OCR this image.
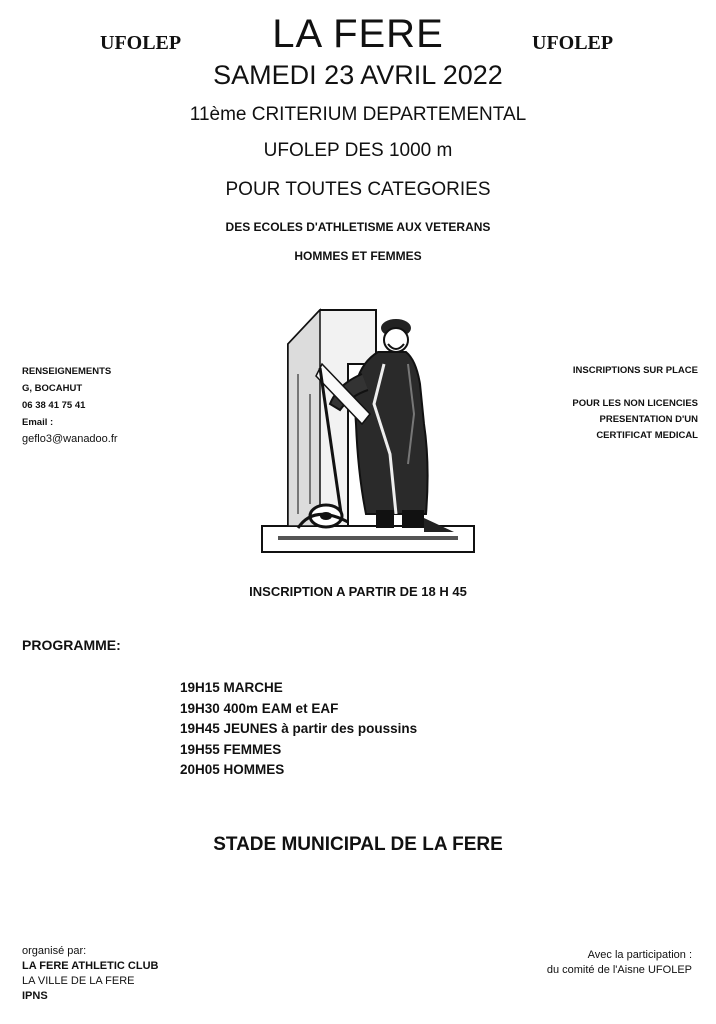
UFOLEP	UFOLEP
LA FERE
SAMEDI 23 AVRIL 2022
11ème CRITERIUM DEPARTEMENTAL
UFOLEP DES 1000 m
POUR TOUTES CATEGORIES
DES ECOLES D'ATHLETISME AUX VETERANS
HOMMES ET FEMMES
RENSEIGNEMENTS
G, BOCAHUT
06 38 41 75 41
Email :
geflo3@wanadoo.fr
INSCRIPTIONS SUR PLACE
POUR LES NON LICENCIES
PRESENTATION D'UN
CERTIFICAT MEDICAL
INSCRIPTION A PARTIR DE 18 H 45
PROGRAMME:
19H15 MARCHE
19H30 400m EAM et EAF
19H45 JEUNES à partir des poussins
19H55 FEMMES
20H05 HOMMES
STADE MUNICIPAL DE LA FERE
organisé par:
LA FERE ATHLETIC CLUB
LA VILLE DE LA FERE
IPNS
Avec la participation :
du comité de l'Aisne UFOLEP
